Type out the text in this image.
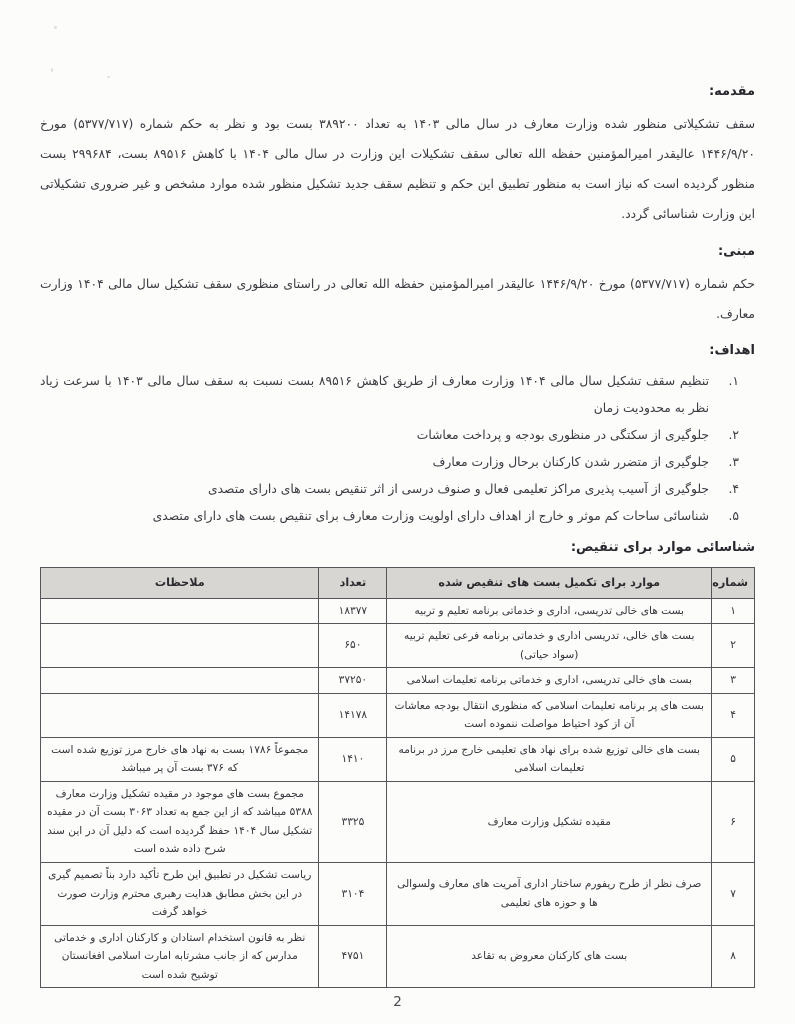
مقدمه:

سقف تشکیلاتی منظور شده وزارت معارف در سال مالی ۱۴۰۳ به تعداد ۳۸۹۲۰۰ بست بود و نظر به حکم شماره (۵۳۷۷/۷۱۷) مورخ ۱۴۴۶/۹/۲۰ عالیقدر امیرالمؤمنین حفظه الله تعالی سقف تشکیلات این وزارت در سال مالی ۱۴۰۴ با کاهش ۸۹۵۱۶ بست، ۲۹۹۶۸۴ بست منظور گردیده است که نیاز است به منظور تطبیق این حکم و تنظیم سقف جدید تشکیل منظور شده موارد مشخص و غیر ضروری تشکیلاتی این وزارت شناسائی گردد.

مبنی:

حکم شماره (۵۳۷۷/۷۱۷) مورخ ۱۴۴۶/۹/۲۰ عالیقدر امیرالمؤمنین حفظه الله تعالی در راستای منظوری سقف تشکیل سال مالی ۱۴۰۴ وزارت معارف.

اهداف:
۱.
تنظیم سقف تشکیل سال مالی ۱۴۰۴ وزارت معارف از طریق کاهش ۸۹۵۱۶ بست نسبت به سقف سال مالی ۱۴۰۳ با سرعت زیاد نظر به محدودیت زمان
۲.
جلوگیری از سکتگی در منظوری بودجه و پرداخت معاشات
۳.
جلوگیری از متضرر شدن کارکنان برحال وزارت معارف
۴.
جلوگیری از آسیب پذیری مراکز تعلیمی فعال و صنوف درسی از اثر تنقیص بست های دارای متصدی
۵.
شناسائی ساحات کم موثر و خارج از اهداف دارای اولویت وزارت معارف برای تنقیص بست های دارای متصدی
شناسائی موارد برای تنقیص:
شماره	موارد برای تکمیل بست های تنقیص شده	تعداد	ملاحظات
۱	بست های خالی تدریسی، اداری و خدماتی برنامه تعلیم و تربیه	۱۸۳۷۷	
۲	بست های خالی، تدریسی اداری و خدماتی برنامه فرعی تعلیم تربیه (سواد حیاتی)	۶۵۰	
۳	بست های خالی تدریسی، اداری و خدماتی برنامه تعلیمات اسلامی	۳۷۲۵۰	
۴	بست های پر برنامه تعلیمات اسلامی که منظوری انتقال بودجه معاشات آن از کود احتیاط مواصلت ننموده است	۱۴۱۷۸	
۵	بست های خالی توزیع شده برای نهاد های تعلیمی خارج مرز در برنامه تعلیمات اسلامی	۱۴۱۰	مجموعاً ۱۷۸۶ بست به نهاد های خارج مرز توزیع شده است که ۳۷۶ بست آن پر میباشد
۶	مقیده تشکیل وزارت معارف	۳۳۲۵	مجموع بست های موجود در مقیده تشکیل وزارت معارف ۵۳۸۸ میباشد که از این جمع به تعداد ۳۰۶۳ بست آن در مقیده تشکیل سال ۱۴۰۴ حفظ گردیده است که دلیل آن در این سند شرح داده شده است
۷	صرف نظر از طرح ریفورم ساختار اداری آمریت های معارف ولسوالی ها و حوزه های تعلیمی	۳۱۰۴	ریاست تشکیل در تطبیق این طرح تأکید دارد بناً تصمیم گیری در این بخش مطابق هدایت رهبری محترم وزارت صورت خواهد گرفت
۸	بست های کارکنان معروض به تقاعد	۴۷۵۱	نظر به قانون استخدام استادان و کارکنان اداری و خدماتی مدارس که از جانب مشرتابه امارت اسلامی افغانستان توشیح شده است
2
